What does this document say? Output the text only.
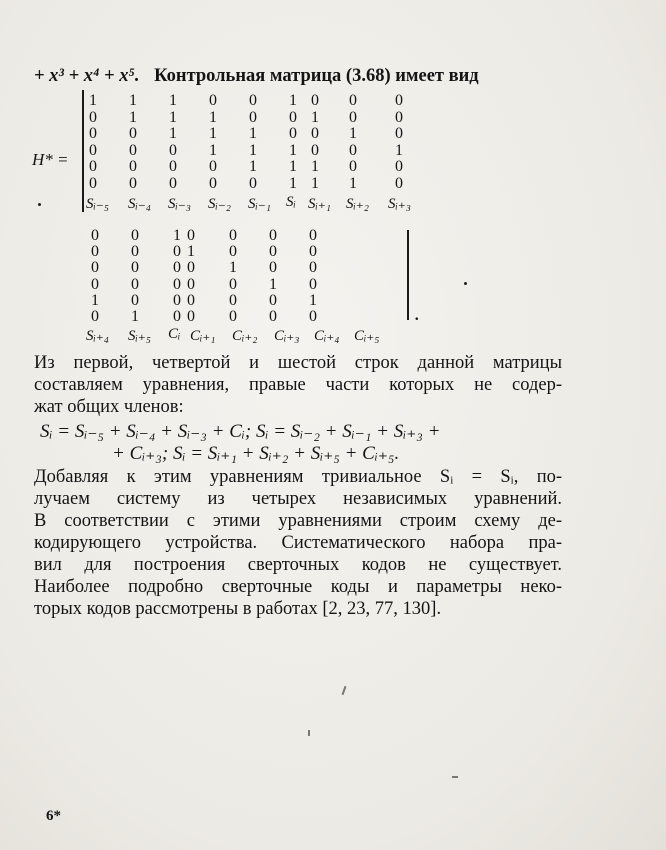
+ x³ + x⁴ + x⁵. Контрольная матрица (3.68) имеет вид
H* =
1	1	1	0	0	1 0	0	0
0	1	1	1	0	0 1	0	0
0	0	1	1	1	0 0	1	0
0	0	0	1	1	1 0	0	1
0	0	0	0	1	1 1	0	0
0	0	0	0	0	1 1	1	0
Sᵢ₋₅ Sᵢ₋₄ Sᵢ₋₃ Sᵢ₋₂ Sᵢ₋₁ Sᵢ Sᵢ₊₁ Sᵢ₊₂ Sᵢ₊₃
0	0	1 0	0	0	0
0	0	0 1	0	0	0
0	0	0 0	1	0	0
0	0	0 0	0	1	0
1	0	0 0	0	0	1
0	1	0 0	0	0	0
Sᵢ₊₄ Sᵢ₊₅ Cᵢ Cᵢ₊₁ Cᵢ₊₂ Cᵢ₊₃ Cᵢ₊₄ Cᵢ₊₅
.
Из первой, четвертой и шестой строк данной матрицы
составляем уравнения, правые части которых не содер-
жат общих членов:
Sᵢ = Sᵢ₋₅ + Sᵢ₋₄ + Sᵢ₋₃ + Cᵢ; Sᵢ = Sᵢ₋₂ + Sᵢ₋₁ + Sᵢ₊₃ +
+ Cᵢ₊₃; Sᵢ = Sᵢ₊₁ + Sᵢ₊₂ + Sᵢ₊₅ + Cᵢ₊₅.
Добавляя к этим уравнениям тривиальное Sᵢ = Sᵢ, по-
лучаем систему из четырех независимых уравнений.
В соответствии с этими уравнениями строим схему де-
кодирующего устройства. Систематического набора пра-
вил для построения сверточных кодов не существует.
Наиболее подробно сверточные коды и параметры неко-
торых кодов рассмотрены в работах [2, 23, 77, 130].
6*
